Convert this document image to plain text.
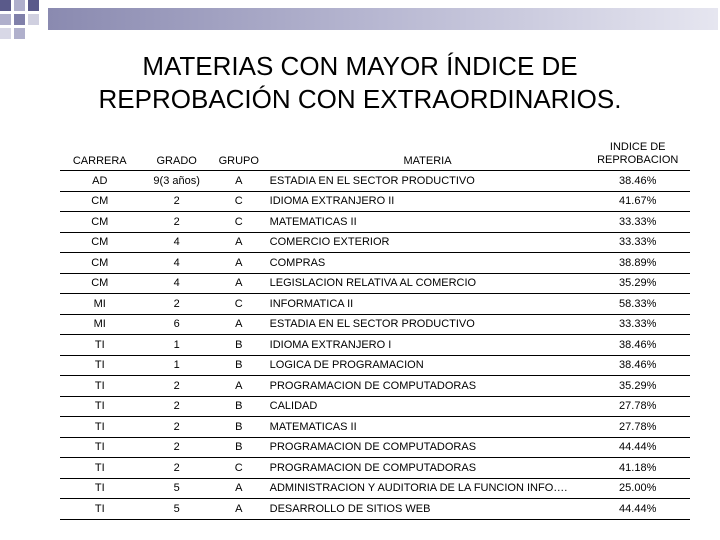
MATERIAS CON MAYOR ÍNDICE DE
REPROBACIÓN CON EXTRAORDINARIOS.
CARRERA	GRADO	GRUPO	MATERIA	INDICE DE
REPROBACION
AD	9(3 años)	A	ESTADIA EN EL SECTOR PRODUCTIVO	38.46%
CM	2	C	IDIOMA EXTRANJERO II	41.67%
CM	2	C	MATEMATICAS II	33.33%
CM	4	A	COMERCIO EXTERIOR	33.33%
CM	4	A	COMPRAS	38.89%
CM	4	A	LEGISLACION RELATIVA AL COMERCIO	35.29%
MI	2	C	INFORMATICA II	58.33%
MI	6	A	ESTADIA EN EL SECTOR PRODUCTIVO	33.33%
TI	1	B	IDIOMA EXTRANJERO I	38.46%
TI	1	B	LOGICA DE PROGRAMACION	38.46%
TI	2	A	PROGRAMACION DE COMPUTADORAS	35.29%
TI	2	B	CALIDAD	27.78%
TI	2	B	MATEMATICAS II	27.78%
TI	2	B	PROGRAMACION DE COMPUTADORAS	44.44%
TI	2	C	PROGRAMACION DE COMPUTADORAS	41.18%
TI	5	A	ADMINISTRACION Y AUDITORIA DE LA FUNCION INFO….	25.00%
TI	5	A	DESARROLLO DE SITIOS WEB	44.44%
